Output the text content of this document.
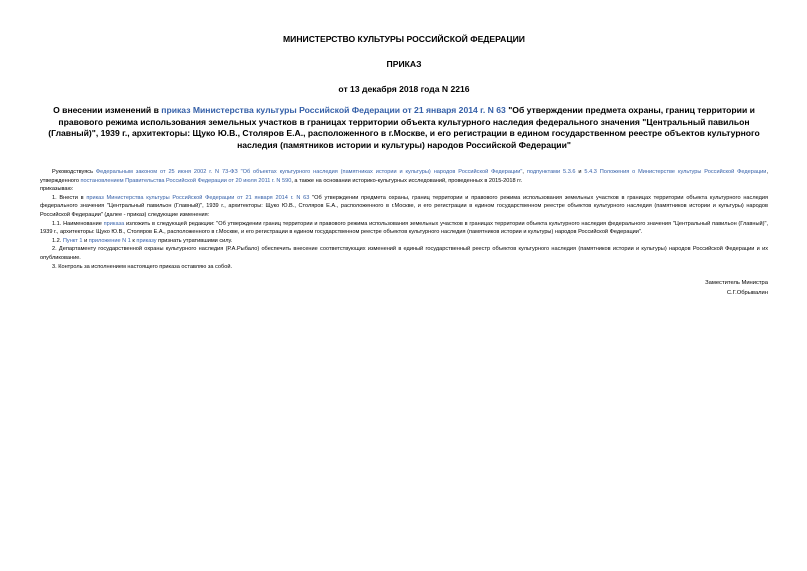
МИНИСТЕРСТВО КУЛЬТУРЫ РОССИЙСКОЙ ФЕДЕРАЦИИ
ПРИКАЗ
от 13 декабря 2018 года N 2216
О внесении изменений в приказ Министерства культуры Российской Федерации от 21 января 2014 г. N 63 "Об утверждении предмета охраны, границ территории и правового режима использования земельных участков в границах территории объекта культурного наследия федерального значения "Центральный павильон (Главный)", 1939 г., архитекторы: Щуко Ю.В., Столяров Е.А., расположенного в г.Москве, и его регистрации в едином государственном реестре объектов культурного наследия (памятников истории и культуры) народов Российской Федерации"

Руководствуясь Федеральным законом от 25 июня 2002 г. N 73-ФЗ "Об объектах культурного наследия (памятниках истории и культуры) народов Российской Федерации", подпунктами 5.3.6 и 5.4.3 Положения о Министерстве культуры Российской Федерации, утвержденного постановлением Правительства Российской Федерации от 20 июля 2011 г. N 590, а также на основании историко-культурных исследований, проведенных в 2015-2018 гг.

приказываю:

1. Внести в приказ Министерства культуры Российской Федерации от 21 января 2014 г. N 63 "Об утверждении предмета охраны, границ территории и правового режима использования земельных участков в границах территории объекта культурного наследия федерального значения "Центральный павильон (Главный)", 1939 г., архитекторы: Щуко Ю.В., Столяров Е.А., расположенного в г.Москве, и его регистрации в едином государственном реестре объектов культурного наследия (памятников истории и культуры) народов Российской Федерации" (далее - приказ) следующие изменения:

1.1. Наименование приказа изложить в следующей редакции: "Об утверждении границ территории и правового режима использования земельных участков в границах территории объекта культурного наследия федерального значения "Центральный павильон (Главный)", 1939 г., архитекторы: Щуко Ю.В., Столяров Е.А., расположенного в г.Москве, и его регистрации в едином государственном реестре объектов культурного наследия (памятников истории и культуры) народов Российской Федерации".

1.2. Пункт 1 и приложение N 1 к приказу признать утратившими силу.

2. Департаменту государственной охраны культурного наследия (Р.А.Рыбало) обеспечить внесение соответствующих изменений в единый государственный реестр объектов культурного наследия (памятников истории и культуры) народов Российской Федерации и их опубликование.

3. Контроль за исполнением настоящего приказа оставляю за собой.

Заместитель Министра
С.Г.Обрывалин
